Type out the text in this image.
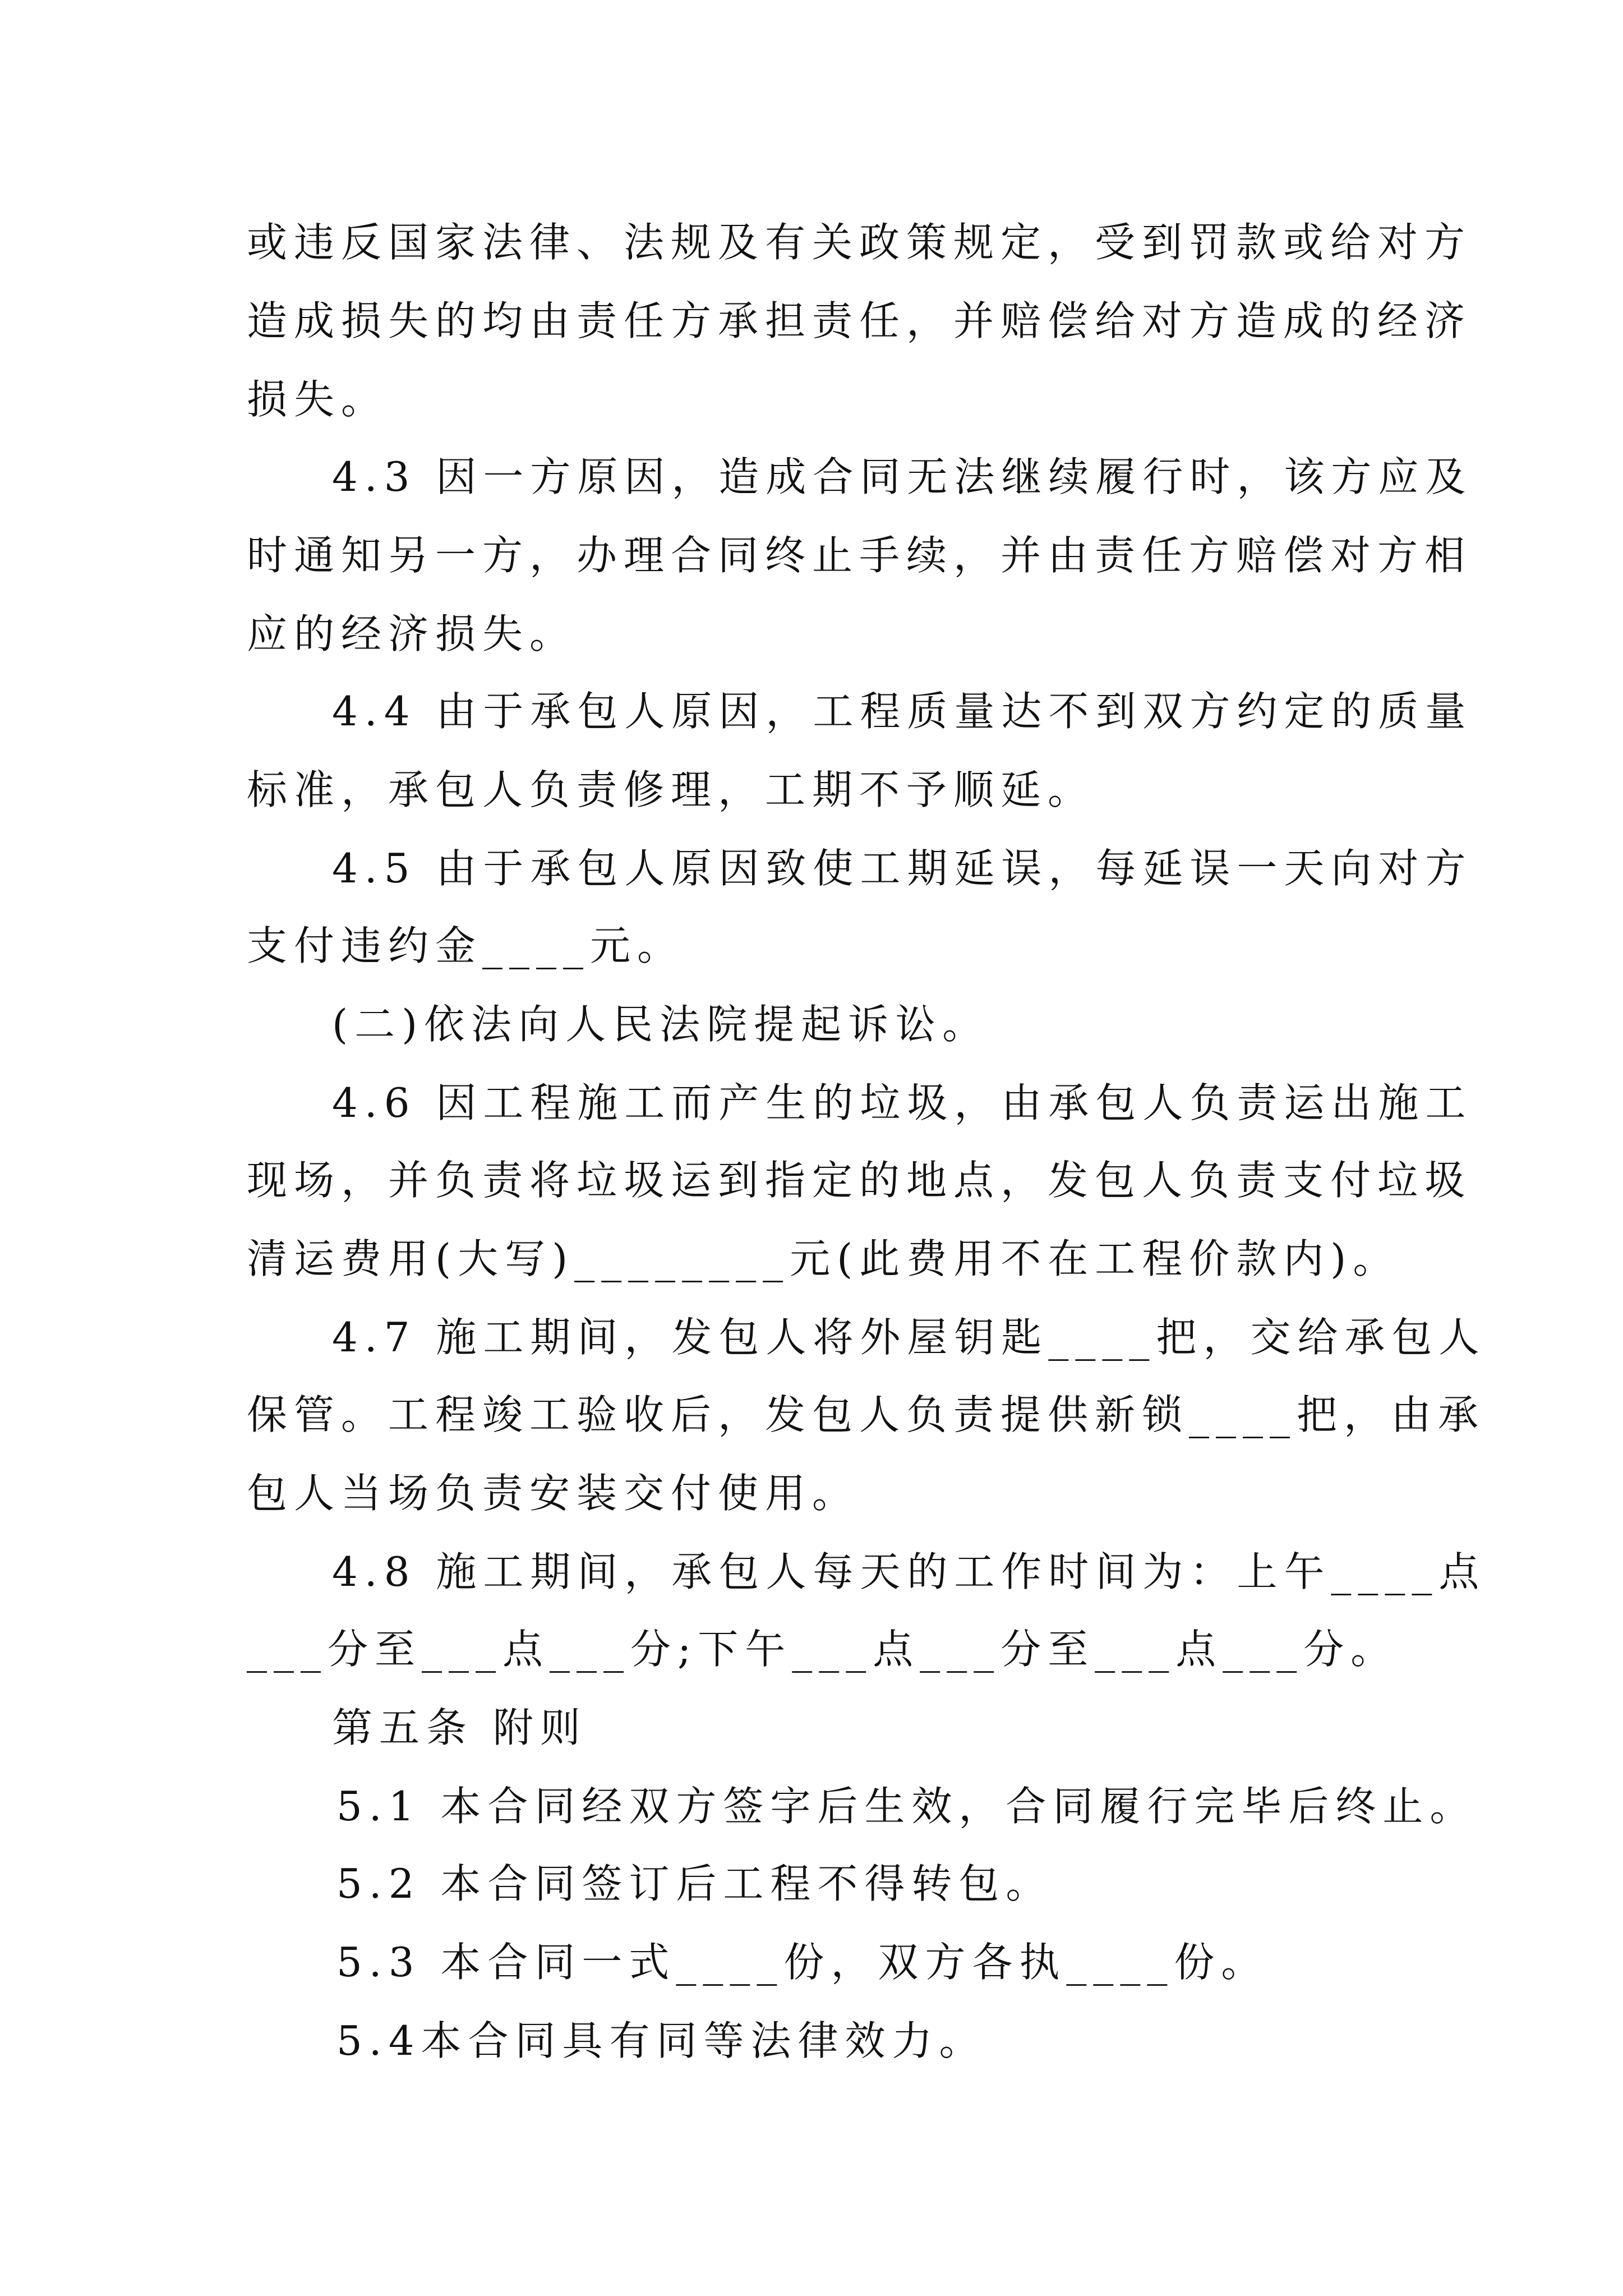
或违反国家法律、法规及有关政策规定，受到罚款或给对方
造成损失的均由责任方承担责任，并赔偿给对方造成的经济
损失。
4.3 因一方原因，造成合同无法继续履行时，该方应及
时通知另一方，办理合同终止手续，并由责任方赔偿对方相
应的经济损失。
4.4 由于承包人原因，工程质量达不到双方约定的质量
标准，承包人负责修理，工期不予顺延。
4.5 由于承包人原因致使工期延误，每延误一天向对方
支付违约金____元。
(二)依法向人民法院提起诉讼。
4.6 因工程施工而产生的垃圾，由承包人负责运出施工
现场，并负责将垃圾运到指定的地点，发包人负责支付垃圾
清运费用(大写)________元(此费用不在工程价款内)。
4.7 施工期间，发包人将外屋钥匙____把，交给承包人
保管。工程竣工验收后，发包人负责提供新锁____把，由承
包人当场负责安装交付使用。
4.8 施工期间，承包人每天的工作时间为：上午____点
___分至___点___分;下午___点___分至___点___分。
第五条 附则
5.1 本合同经双方签字后生效，合同履行完毕后终止。
5.2 本合同签订后工程不得转包。
5.3 本合同一式____份，双方各执____份。
5.4本合同具有同等法律效力。
